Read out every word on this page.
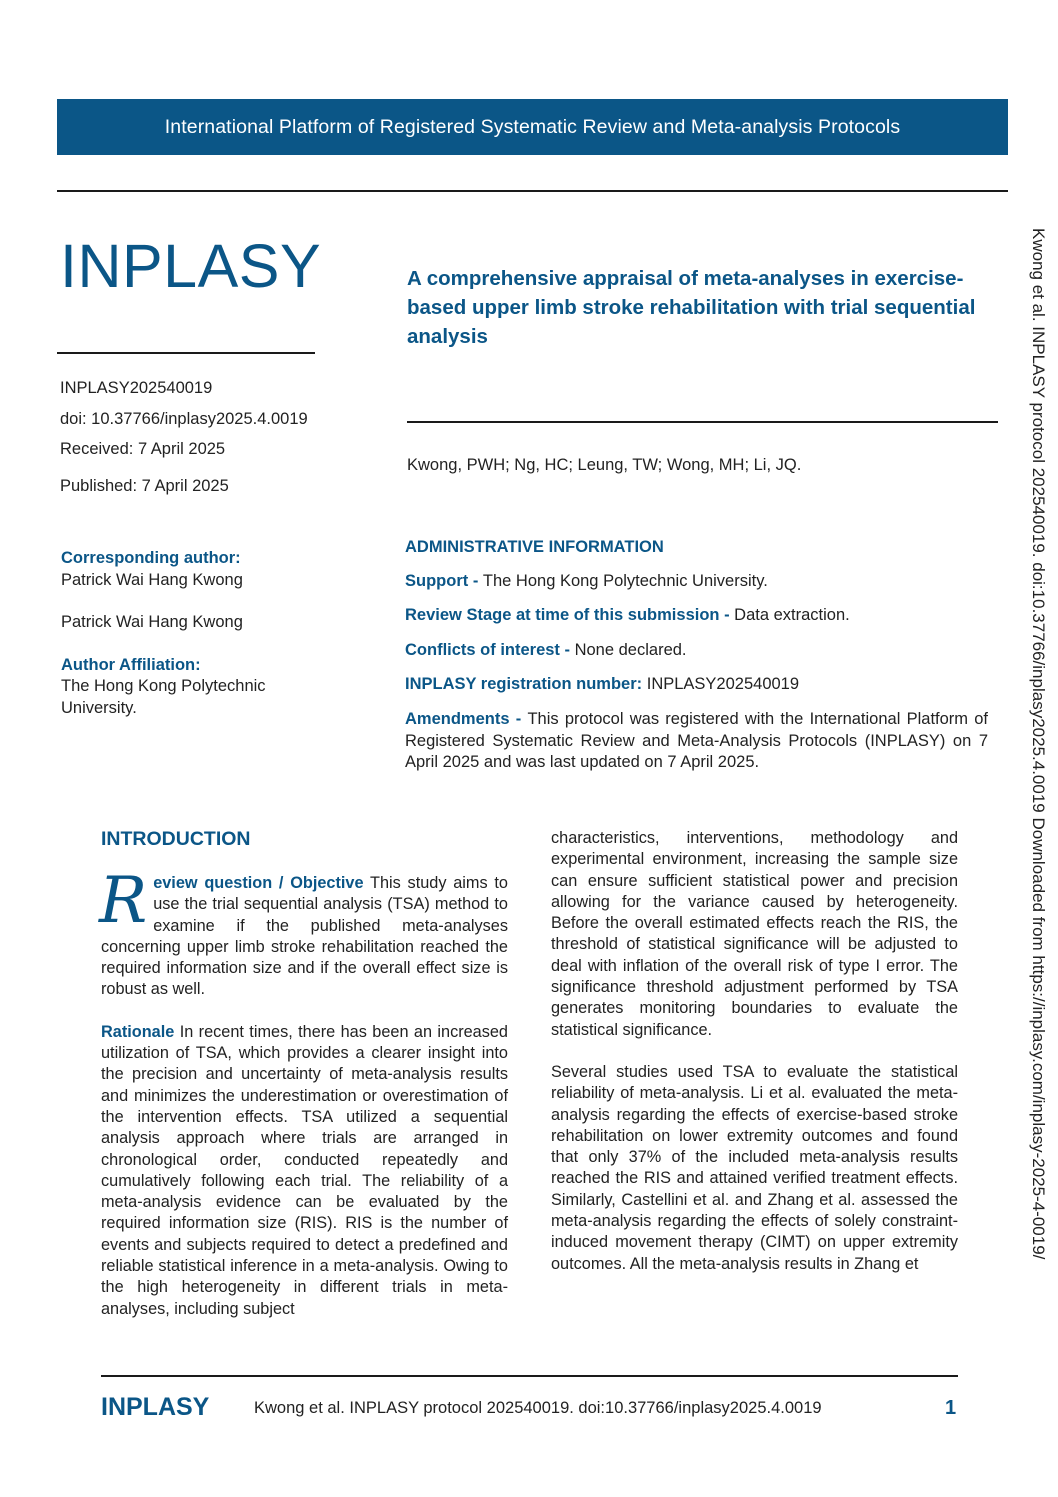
International Platform of Registered Systematic Review and Meta-analysis Protocols
INPLASY	A comprehensive appraisal of meta-analyses in exercise-based upper limb stroke rehabilitation with trial sequential analysis
INPLASY202540019
doi: 10.37766/inplasy2025.4.0019
Received: 7 April 2025
Published: 7 April 2025
Kwong, PWH; Ng, HC; Leung, TW; Wong, MH; Li, JQ.
Corresponding author:
Patrick Wai Hang Kwong
Patrick Wai Hang Kwong
Author Affiliation:
The Hong Kong Polytechnic University.
ADMINISTRATIVE INFORMATION
Support - The Hong Kong Polytechnic University.
Review Stage at time of this submission - Data extraction.
Conflicts of interest - None declared.
INPLASY registration number: INPLASY202540019
Amendments - This protocol was registered with the International Platform of Registered Systematic Review and Meta-Analysis Protocols (INPLASY) on 7 April 2025 and was last updated on 7 April 2025.
INTRODUCTION

Review question / Objective This study aims to use the trial sequential analysis (TSA) method to examine if the published meta-analyses concerning upper limb stroke rehabilitation reached the required information size and if the overall effect size is robust as well.

Rationale In recent times, there has been an increased utilization of TSA, which provides a clearer insight into the precision and uncertainty of meta-analysis results and minimizes the underestimation or overestimation of the intervention effects. TSA utilized a sequential analysis approach where trials are arranged in chronological order, conducted repeatedly and cumulatively following each trial. The reliability of a meta-analysis evidence can be evaluated by the required information size (RIS). RIS is the number of events and subjects required to detect a predefined and reliable statistical inference in a meta-analysis. Owing to the high heterogeneity in different trials in meta-analyses, including subject

characteristics, interventions, methodology and experimental environment, increasing the sample size can ensure sufficient statistical power and precision allowing for the variance caused by heterogeneity. Before the overall estimated effects reach the RIS, the threshold of statistical significance will be adjusted to deal with inflation of the overall risk of type I error. The significance threshold adjustment performed by TSA generates monitoring boundaries to evaluate the statistical significance.

Several studies used TSA to evaluate the statistical reliability of meta-analysis. Li et al. evaluated the meta-analysis regarding the effects of exercise-based stroke rehabilitation on lower extremity outcomes and found that only 37% of the included meta-analysis results reached the RIS and attained verified treatment effects. Similarly, Castellini et al. and Zhang et al. assessed the meta-analysis regarding the effects of solely constraint-induced movement therapy (CIMT) on upper extremity outcomes. All the meta-analysis results in Zhang et

Kwong et al. INPLASY protocol 202540019. doi:10.37766/inplasy2025.4.0019 Downloaded from https://inplasy.com/inplasy-2025-4-0019/
INPLASY	Kwong et al. INPLASY protocol 202540019. doi:10.37766/inplasy2025.4.0019	1
